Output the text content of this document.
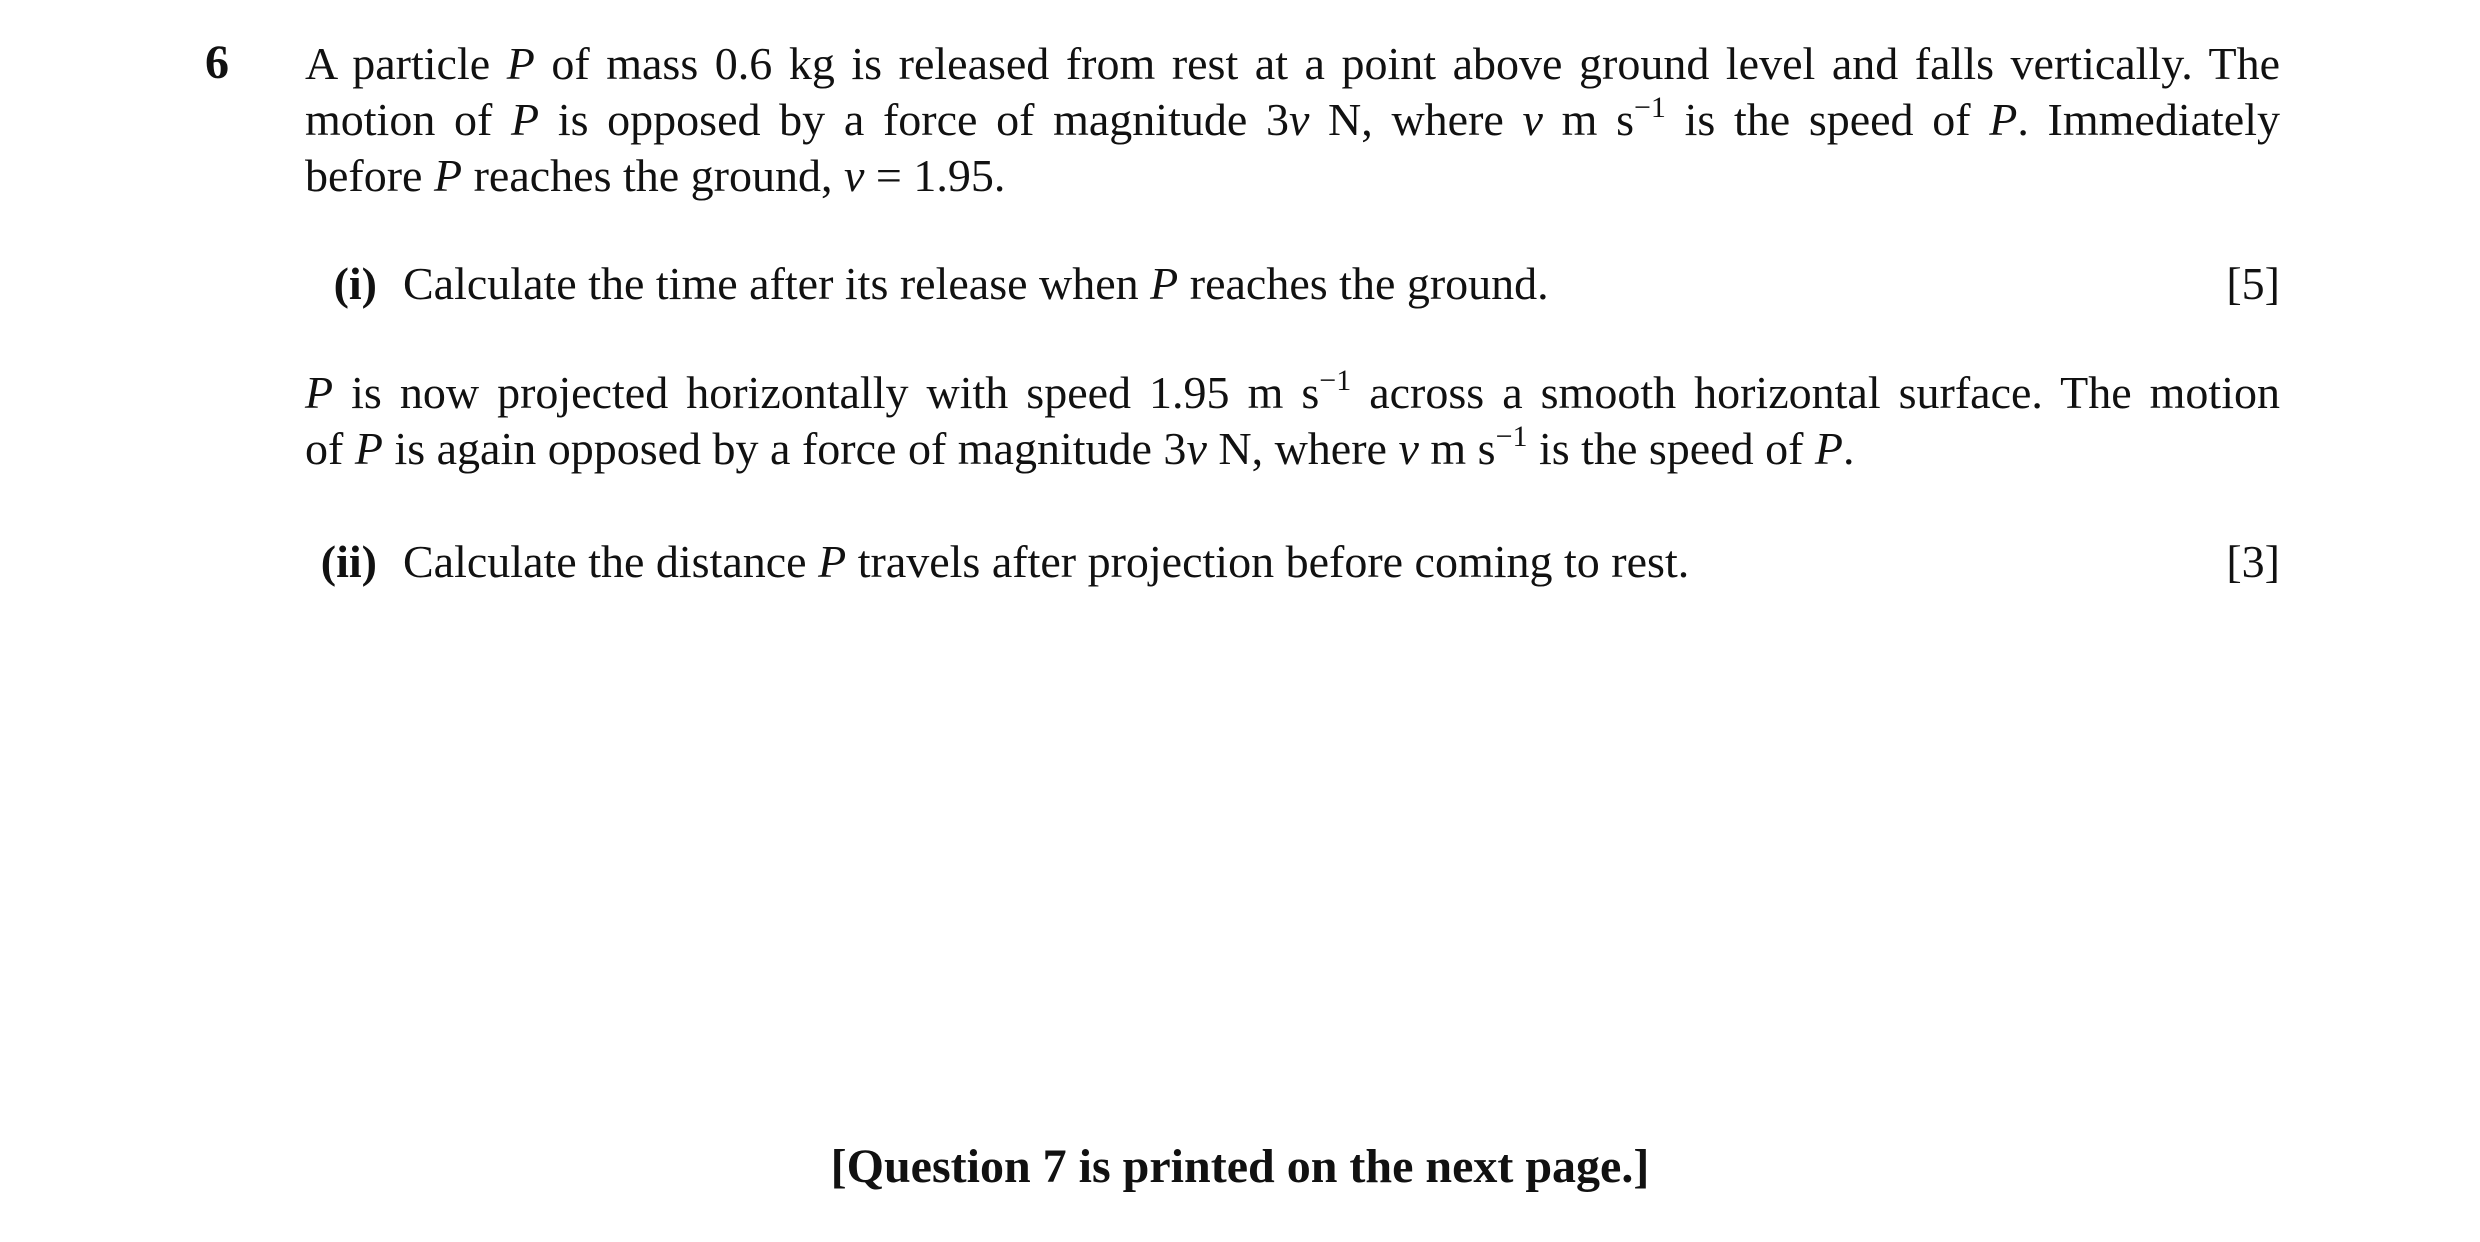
6 A particle P of mass 0.6 kg is released from rest at a point above ground level and falls vertically. The
motion of P is opposed by a force of magnitude 3v N, where v m $s^{-1}$ is the speed of P. Immediately
before P reaches the ground, v = 1.95.
(i) Calculate the time after its release when P reaches the ground.	[5]
P is now projected horizontally with speed 1.95 m $s^{-1}$ across a smooth horizontal surface. The motion
of P is again opposed by a force of magnitude 3v N, where v m $s^{-1}$ is the speed of P.
(ii) Calculate the distance P travels after projection before coming to rest.	[3]
[Question 7 is printed on the next page.]
